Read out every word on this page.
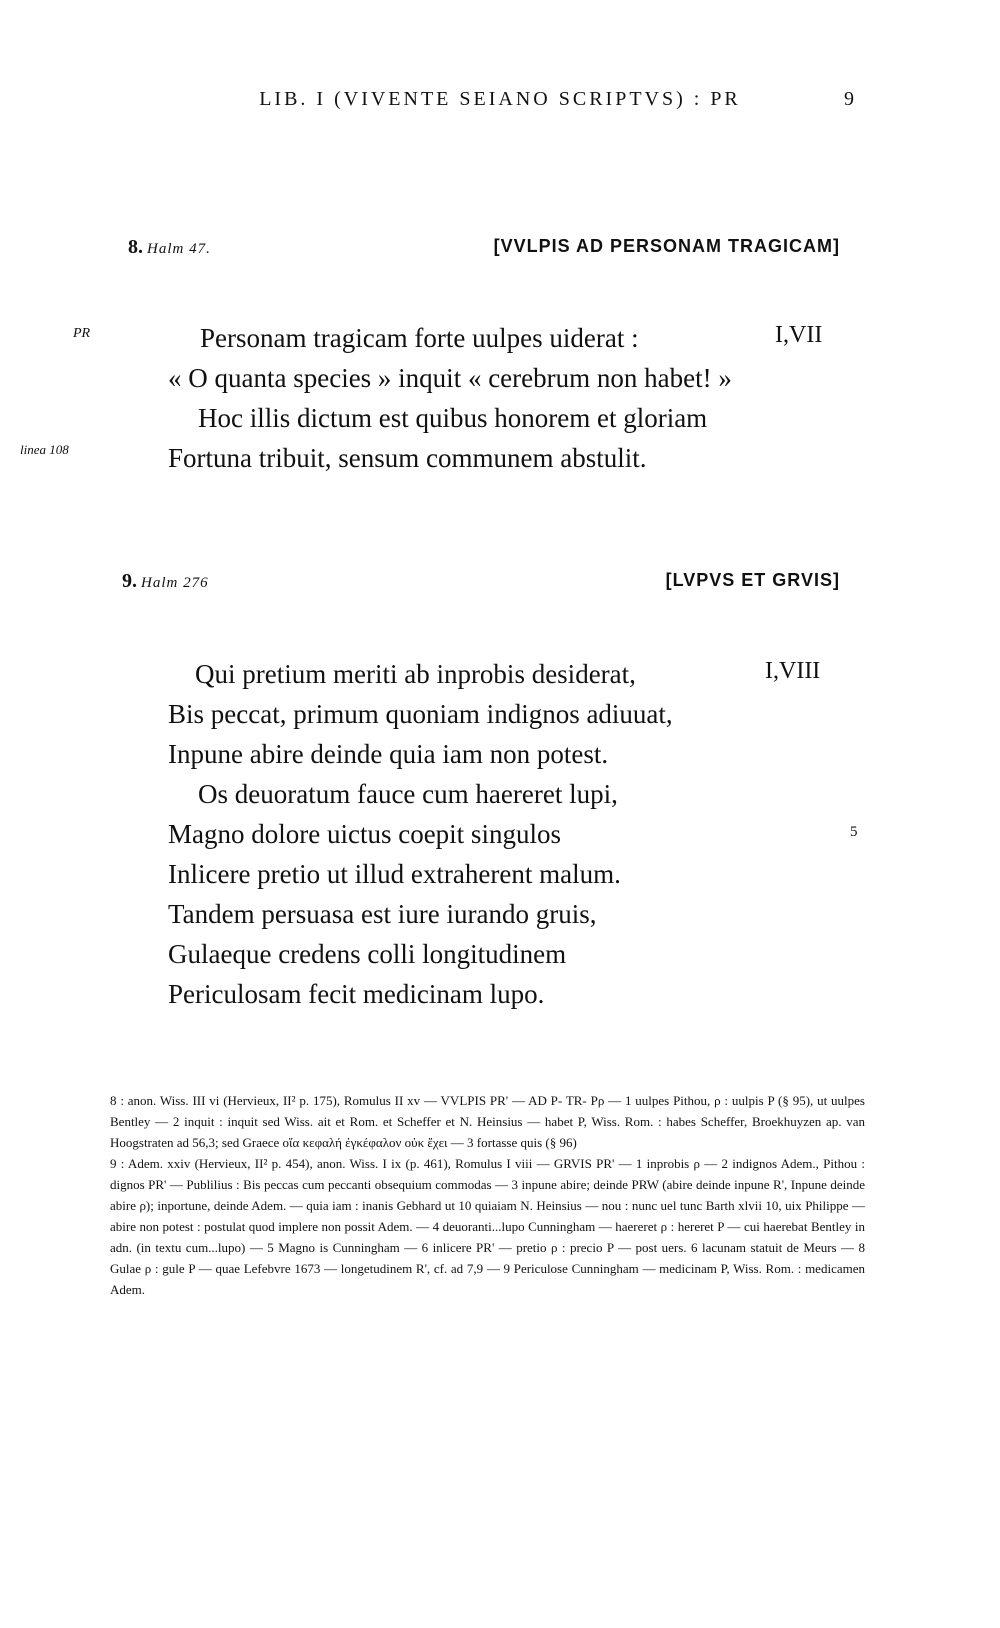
LIB. I (VIVENTE SEIANO SCRIPTVS) : PR	9
8. Halm 47.	[VVLPIS AD PERSONAM TRAGICAM]
PR
linea 108
Personam tragicam forte uulpes uiderat :
« O quanta species » inquit « cerebrum non habet! »
Hoc illis dictum est quibus honorem et gloriam
Fortuna tribuit, sensum communem abstulit.
I,VII
9. Halm 276	[LVPVS ET GRVIS]
Qui pretium meriti ab inprobis desiderat,
Bis peccat, primum quoniam indignos adiuuat,
Inpune abire deinde quia iam non potest.
Os deuoratum fauce cum haereret lupi,
Magno dolore uictus coepit singulos
Inlicere pretio ut illud extraherent malum.
Tandem persuasa est iure iurando gruis,
Gulaeque credens colli longitudinem
Periculosam fecit medicinam lupo.
I,VIII
5

8 : anon. Wiss. III vi (Hervieux, II² p. 175), Romulus II xv — VVLPIS PR' — AD P- TR- Pρ — 1 uulpes Pithou, ρ : uulpis P (§ 95), ut uulpes Bentley — 2 inquit : inquit sed Wiss. ait et Rom. et Scheffer et N. Heinsius — habet P, Wiss. Rom. : habes Scheffer, Broekhuyzen ap. van Hoogstraten ad 56,3; sed Graece οἵα κεφαλή ἐγκέφαλον οὐκ ἔχει — 3 fortasse quis (§ 96)

9 : Adem. xxiv (Hervieux, II² p. 454), anon. Wiss. I ix (p. 461), Romulus I viii — GRVIS PR' — 1 inprobis ρ — 2 indignos Adem., Pithou : dignos PR' — Publilius : Bis peccas cum peccanti obsequium commodas — 3 inpune abire; deinde PRW (abire deinde inpune R', Inpune deinde abire ρ); inportune, deinde Adem. — quia iam : inanis Gebhard ut 10 quiaiam N. Heinsius — nou : nunc uel tunc Barth xlvii 10, uix Philippe — abire non potest : postulat quod implere non possit Adem. — 4 deuoranti...lupo Cunningham — haereret ρ : hereret P — cui haerebat Bentley in adn. (in textu cum...lupo) — 5 Magno is Cunningham — 6 inlicere PR' — pretio ρ : precio P — post uers. 6 lacunam statuit de Meurs — 8 Gulae ρ : gule P — quae Lefebvre 1673 — longetudinem R', cf. ad 7,9 — 9 Periculose Cunningham — medicinam P, Wiss. Rom. : medicamen Adem.
